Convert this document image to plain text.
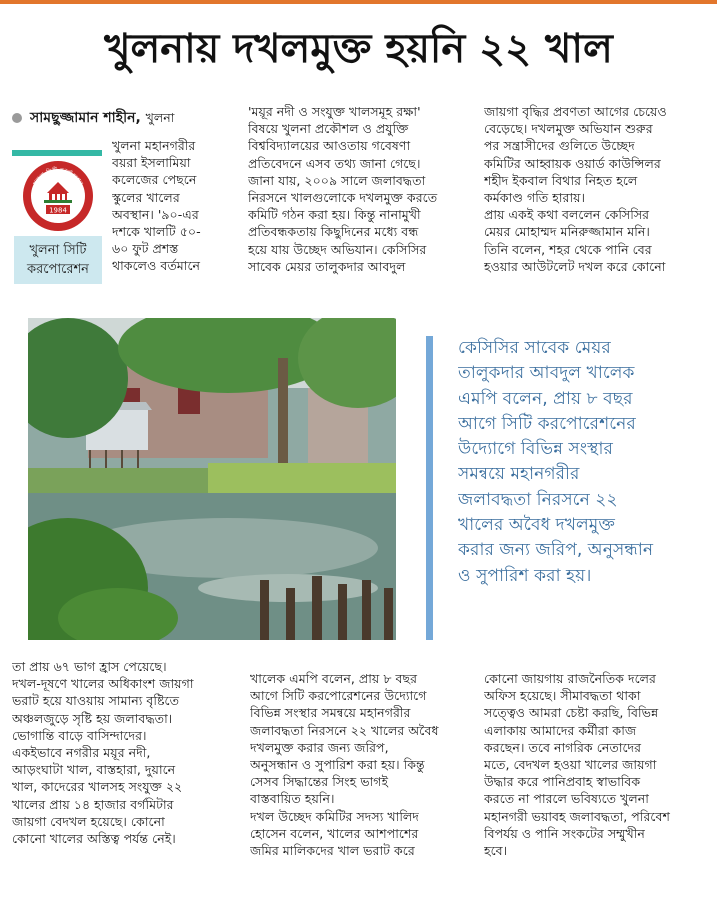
খুলনায় দখলমুক্ত হয়নি ২২ খাল
সামছুজ্জামান শাহীন, খুলনা
খুলনা সিটি কর্পোরেশন
KHULNA CITY CORPORATION
1984
খুলনা সিটি
করপোরেশন

খুলনা মহানগরীর

বয়রা ইসলামিয়া

কলেজের পেছনে

স্কুলের খালের

অবস্থান। '৯০-এর

দশকে খালটি ৫০-

৬০ ফুট প্রশস্ত

থাকলেও বর্তমানে

'ময়ূর নদী ও সংযুক্ত খালসমূহ রক্ষা'

বিষয়ে খুলনা প্রকৌশল ও প্রযুক্তি

বিশ্ববিদ্যালয়ের আওতায় গবেষণা

প্রতিবেদনে এসব তথ্য জানা গেছে।

জানা যায়, ২০০৯ সালে জলাবদ্ধতা

নিরসনে খালগুলোকে দখলমুক্ত করতে

কমিটি গঠন করা হয়। কিন্তু নানামুখী

প্রতিবন্ধকতায় কিছুদিনের মধ্যে বন্ধ

হয়ে যায় উচ্ছেদ অভিযান। কেসিসির

সাবেক মেয়র তালুকদার আবদুল

জায়গা বৃদ্ধির প্রবণতা আগের চেয়েও

বেড়েছে। দখলমুক্ত অভিযান শুরুর

পর সন্ত্রাসীদের গুলিতে উচ্ছেদ

কমিটির আহ্বায়ক ওয়ার্ড কাউন্সিলর

শহীদ ইকবাল বিথার নিহত হলে

কর্মকাণ্ড গতি হারায়।

প্রায় একই কথা বললেন কেসিসির

মেয়র মোহাম্মদ মনিরুজ্জামান মনি।

তিনি বলেন, শহর থেকে পানি বের

হওয়ার আউটলেট দখল করে কোনো

কেসিসির সাবেক মেয়র

তালুকদার আবদুল খালেক

এমপি বলেন, প্রায় ৮ বছর

আগে সিটি করপোরেশনের

উদ্যোগে বিভিন্ন সংস্থার

সমন্বয়ে মহানগরীর

জলাবদ্ধতা নিরসনে ২২

খালের অবৈধ দখলমুক্ত

করার জন্য জরিপ, অনুসন্ধান

ও সুপারিশ করা হয়।

তা প্রায় ৬৭ ভাগ হ্রাস পেয়েছে।

দখল-দূষণে খালের অধিকাংশ জায়গা

ভরাট হয়ে যাওয়ায় সামান্য বৃষ্টিতে

অঞ্চলজুড়ে সৃষ্টি হয় জলাবদ্ধতা।

ভোগান্তি বাড়ে বাসিন্দাদের।

একইভাবে নগরীর ময়ূর নদী,

আড়ংঘাটা খাল, বাস্তহারা, দুয়ানে

খাল, কাদেরের খালসহ সংযুক্ত ২২

খালের প্রায় ১৪ হাজার বর্গমিটার

জায়গা বেদখল হয়েছে। কোনো

কোনো খালের অস্তিত্ব পর্যন্ত নেই।

খালেক এমপি বলেন, প্রায় ৮ বছর

আগে সিটি করপোরেশনের উদ্যোগে

বিভিন্ন সংস্থার সমন্বয়ে মহানগরীর

জলাবদ্ধতা নিরসনে ২২ খালের অবৈধ

দখলমুক্ত করার জন্য জরিপ,

অনুসন্ধান ও সুপারিশ করা হয়। কিন্তু

সেসব সিদ্ধান্তের সিংহ ভাগই

বাস্তবায়িত হয়নি।

দখল উচ্ছেদ কমিটির সদস্য খালিদ

হোসেন বলেন, খালের আশপাশের

জমির মালিকদের খাল ভরাট করে

কোনো জায়গায় রাজনৈতিক দলের

অফিস হয়েছে। সীমাবদ্ধতা থাকা

সত্ত্বেও আমরা চেষ্টা করছি, বিভিন্ন

এলাকায় আমাদের কর্মীরা কাজ

করছেন। তবে নাগরিক নেতাদের

মতে, বেদখল হওয়া খালের জায়গা

উদ্ধার করে পানিপ্রবাহ স্বাভাবিক

করতে না পারলে ভবিষ্যতে খুলনা

মহানগরী ভয়াবহ জলাবদ্ধতা, পরিবেশ

বিপর্যয় ও পানি সংকটের সম্মুখীন

হবে।
